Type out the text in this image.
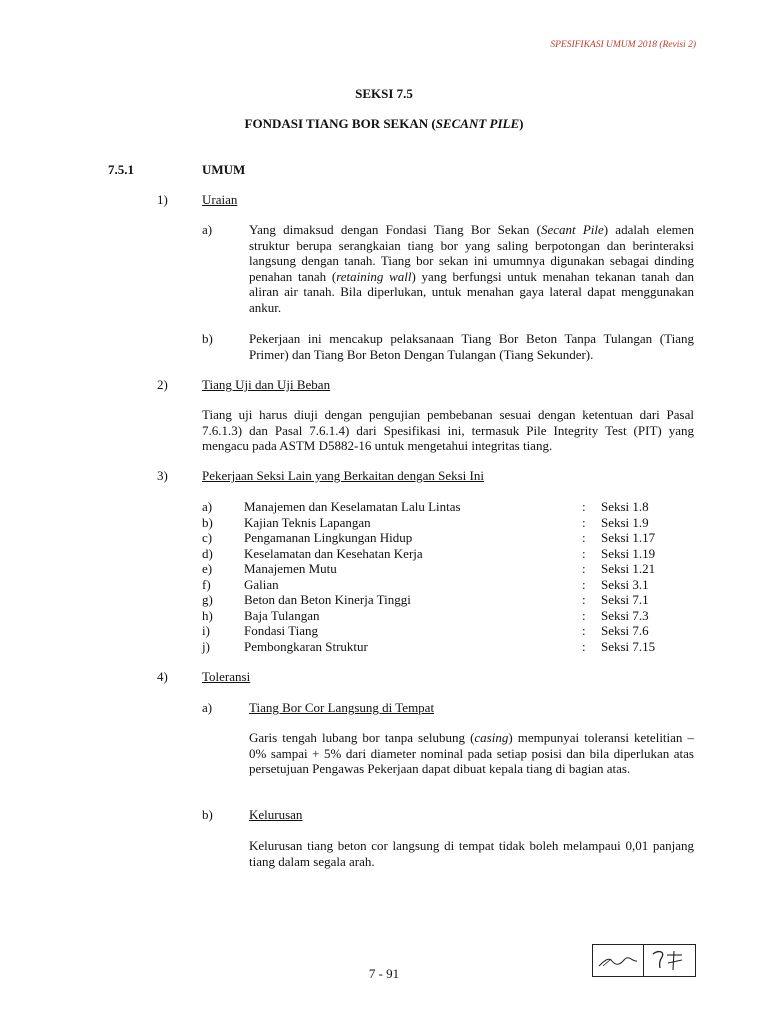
SPESIFIKASI UMUM 2018 (Revisi 2)
SEKSI 7.5
FONDASI TIANG BOR SEKAN (SECANT PILE)
7.5.1	UMUM
1)	Uraian
a)	Yang dimaksud dengan Fondasi Tiang Bor Sekan (Secant Pile) adalah elemen struktur berupa serangkaian tiang bor yang saling berpotongan dan berinteraksi langsung dengan tanah. Tiang bor sekan ini umumnya digunakan sebagai dinding penahan tanah (retaining wall) yang berfungsi untuk menahan tekanan tanah dan aliran air tanah. Bila diperlukan, untuk menahan gaya lateral dapat menggunakan ankur.
b)	Pekerjaan ini mencakup pelaksanaan Tiang Bor Beton Tanpa Tulangan (Tiang Primer) dan Tiang Bor Beton Dengan Tulangan (Tiang Sekunder).
2)	Tiang Uji dan Uji Beban
Tiang uji harus diuji dengan pengujian pembebanan sesuai dengan ketentuan dari Pasal 7.6.1.3) dan Pasal 7.6.1.4) dari Spesifikasi ini, termasuk Pile Integrity Test (PIT) yang mengacu pada ASTM D5882-16 untuk mengetahui integritas tiang.
3)	Pekerjaan Seksi Lain yang Berkaitan dengan Seksi Ini
a) Manajemen dan Keselamatan Lalu Lintas	: Seksi 1.8
b) Kajian Teknis Lapangan	: Seksi 1.9
c) Pengamanan Lingkungan Hidup	: Seksi 1.17
d) Keselamatan dan Kesehatan Kerja	: Seksi 1.19
e) Manajemen Mutu	: Seksi 1.21
f)	Galian	: Seksi 3.1
g) Beton dan Beton Kinerja Tinggi	: Seksi 7.1
h) Baja Tulangan	: Seksi 7.3
i)	Fondasi Tiang	: Seksi 7.6
j)	Pembongkaran Struktur	: Seksi 7.15
4)	Toleransi
a)	Tiang Bor Cor Langsung di Tempat
Garis tengah lubang bor tanpa selubung (casing) mempunyai toleransi ketelitian – 0% sampai + 5% dari diameter nominal pada setiap posisi dan bila diperlukan atas persetujuan Pengawas Pekerjaan dapat dibuat kepala tiang di bagian atas.
b)	Kelurusan
Kelurusan tiang beton cor langsung di tempat tidak boleh melampaui 0,01 panjang tiang dalam segala arah.
7 - 91
